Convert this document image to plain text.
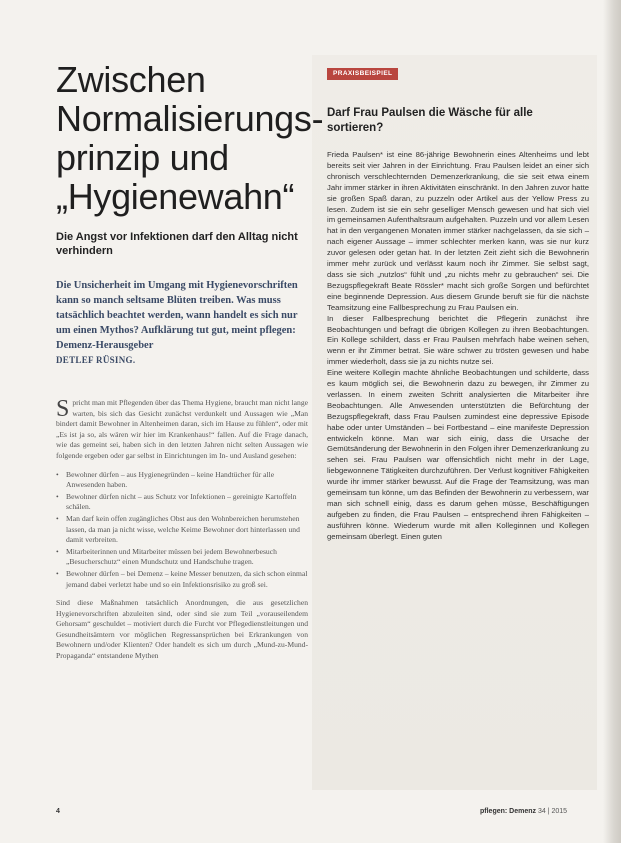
Zwischen
Normalisierungs-
prinzip und
„Hygienewahn“

Die Angst vor Infektionen darf den Alltag nicht verhindern

Die Unsicherheit im Umgang mit Hygienevorschriften kann so manch seltsame Blüten treiben. Was muss tatsächlich beachtet werden, wann handelt es sich nur um einen Mythos? Aufklärung tut gut, meint pflegen: Demenz-Herausgeber
DETLEF RÜSING.

Spricht man mit Pflegenden über das Thema Hygiene, braucht man nicht lange warten, bis sich das Gesicht zunächst verdunkelt und Aussagen wie „Man bindert damit Bewohner in Altenheimen daran, sich im Hause zu fühlen“, oder mit „Es ist ja so, als wären wir hier im Krankenhaus!“ fallen. Auf die Frage danach, wie das gemeint sei, haben sich in den letzten Jahren nicht selten Aussagen wie folgende ergeben oder gar selbst in Einrichtungen im In- und Ausland gesehen:

• Bewohner dürfen – aus Hygienegründen – keine Handtücher für alle Anwesenden haben.
• Bewohner dürfen nicht – aus Schutz vor Infektionen – gereinigte Kartoffeln schälen.
• Man darf kein offen zugängliches Obst aus den Wohnbereichen herumstehen lassen, da man ja nicht wisse, welche Keime Bewohner dort hinterlassen und damit verbreiten.
• Mitarbeiterinnen und Mitarbeiter müssen bei jedem Bewohnerbesuch „Besucherschutz“ einen Mundschutz und Handschuhe tragen.
• Bewohner dürfen – bei Demenz – keine Messer benutzen, da sich schon einmal jemand dabei verletzt habe und so ein Infektionsrisiko zu groß sei.

Sind diese Maßnahmen tatsächlich Anordnungen, die aus gesetzlichen Hygienevorschriften abzuleiten sind, oder sind sie zum Teil „vorauseilendem Gehorsam“ geschuldet – motiviert durch die Furcht vor Pflegedienstleitungen und Gesundheitsämtern vor möglichen Regressansprüchen bei Erkrankungen von Bewohnern und/oder Klienten? Oder handelt es sich um durch „Mund-zu-Mund-Propaganda“ entstandene Mythen

PRAXISBEISPIEL
Darf Frau Paulsen die Wäsche für alle sortieren?

Frieda Paulsen* ist eine 86-jährige Bewohnerin eines Altenheims und lebt bereits seit vier Jahren in der Einrichtung. Frau Paulsen leidet an einer sich chronisch verschlechternden Demenzerkrankung, die sie seit etwa einem Jahr immer stärker in ihren Aktivitäten einschränkt. In den Jahren zuvor hatte sie großen Spaß daran, zu puzzeln oder Artikel aus der Yellow Press zu lesen. Zudem ist sie ein sehr geselliger Mensch gewesen und hat sich viel im gemeinsamen Aufenthaltsraum aufgehalten. Puzzeln und vor allem Lesen hat in den vergangenen Monaten immer stärker nachgelassen, da sie sich – nach eigener Aussage – immer schlechter merken kann, was sie nur kurz zuvor gelesen oder getan hat. In der letzten Zeit zieht sich die Bewohnerin immer mehr zurück und verlässt kaum noch ihr Zimmer. Sie selbst sagt, dass sie sich „nutzlos“ fühlt und „zu nichts mehr zu gebrauchen“ sei. Die Bezugspflegekraft Beate Rössler* macht sich große Sorgen und befürchtet eine beginnende Depression. Aus diesem Grunde beruft sie für die nächste Teamsitzung eine Fallbesprechung zu Frau Paulsen ein.

In dieser Fallbesprechung berichtet die Pflegerin zunächst ihre Beobachtungen und befragt die übrigen Kollegen zu ihren Beobachtungen. Ein Kollege schildert, dass er Frau Paulsen mehrfach habe weinen sehen, wenn er ihr Zimmer betrat. Sie wäre schwer zu trösten gewesen und habe immer wiederholt, dass sie ja zu nichts nutze sei.

Eine weitere Kollegin machte ähnliche Beobachtungen und schilderte, dass es kaum möglich sei, die Bewohnerin dazu zu bewegen, ihr Zimmer zu verlassen. In einem zweiten Schritt analysierten die Mitarbeiter ihre Beobachtungen. Alle Anwesenden unterstützten die Befürchtung der Bezugspflegekraft, dass Frau Paulsen zumindest eine depressive Episode habe oder unter Umständen – bei Fortbestand – eine manifeste Depression entwickeln könne. Man war sich einig, dass die Ursache der Gemütsänderung der Bewohnerin in den Folgen ihrer Demenzerkrankung zu sehen sei. Frau Paulsen war offensichtlich nicht mehr in der Lage, liebgewonnene Tätigkeiten durchzuführen. Der Verlust kognitiver Fähigkeiten wurde ihr immer stärker bewusst. Auf die Frage der Teamsitzung, was man gemeinsam tun könne, um das Befinden der Bewohnerin zu verbessern, war man sich schnell einig, dass es darum gehen müsse, Beschäftigungen aufgeben zu finden, die Frau Paulsen – entsprechend ihren Fähigkeiten – ausführen könne. Wiederum wurde mit allen Kolleginnen und Kollegen gemeinsam überlegt. Einen guten

4	pflegen: Demenz 34 | 2015
